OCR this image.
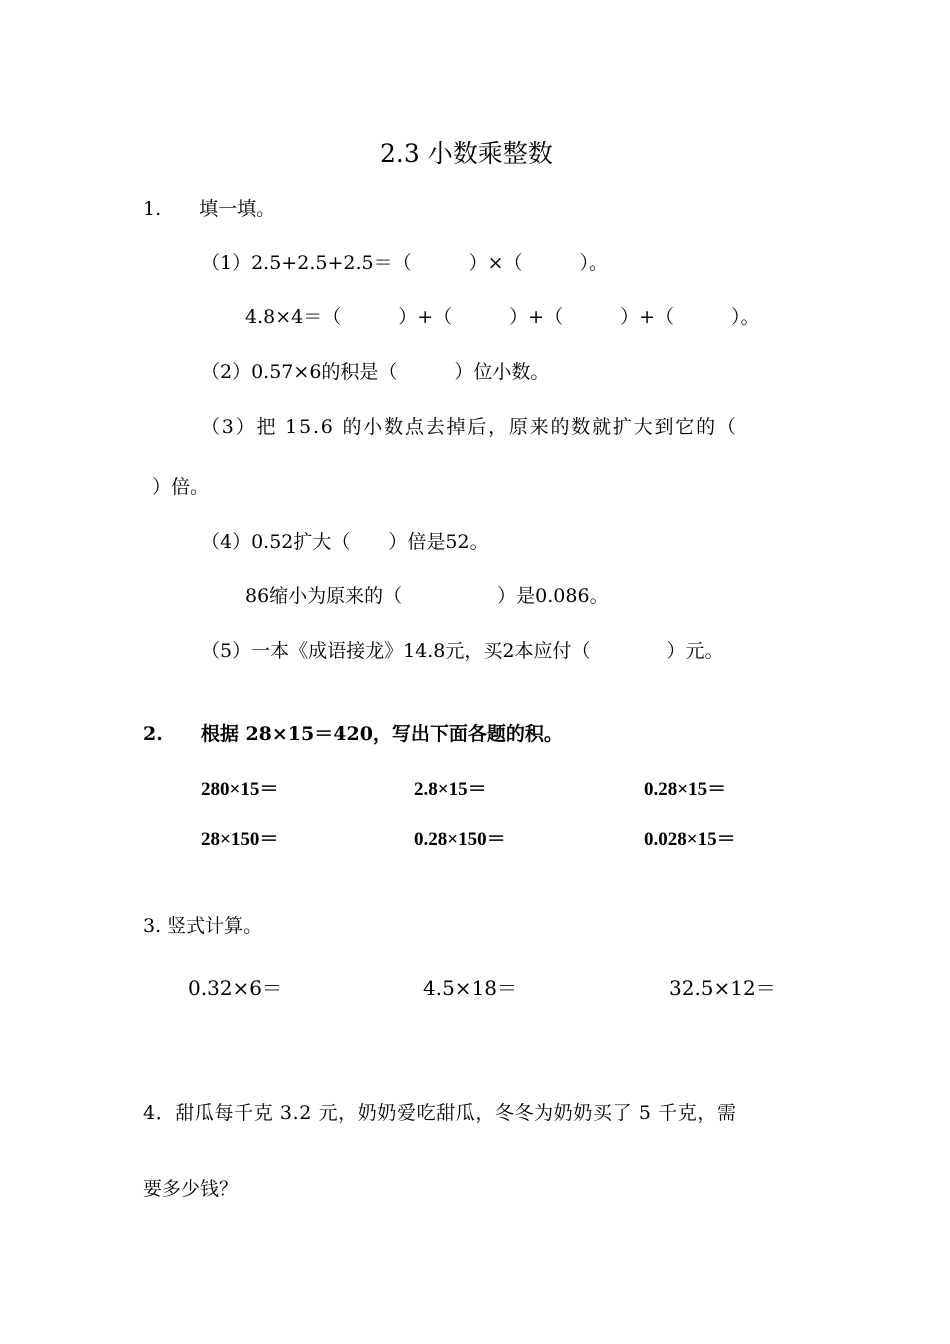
2.3 小数乘整数
1.　　填一填。
（1）2.5+2.5+2.5＝（　　　）×（　　　）。
4.8×4＝（　　　）+（　　　）+（　　　）+（　　　）。
（2）0.57×6的积是（　　　）位小数。
（3）把 15.6 的小数点去掉后，原来的数就扩大到它的（
）倍。
（4）0.52扩大（　　）倍是52。
86缩小为原来的（　　　　　）是0.086。
（5）一本《成语接龙》14.8元，买2本应付（　　　　）元。
2.　　根据 28×15＝420，写出下面各题的积。
280×15＝	2.8×15＝	0.28×15＝
28×150＝	0.28×150＝	0.028×15＝
3. 竖式计算。
0.32×6＝	4.5×18＝	32.5×12＝
4．甜瓜每千克 3.2 元，奶奶爱吃甜瓜，冬冬为奶奶买了 5 千克，需
要多少钱？
